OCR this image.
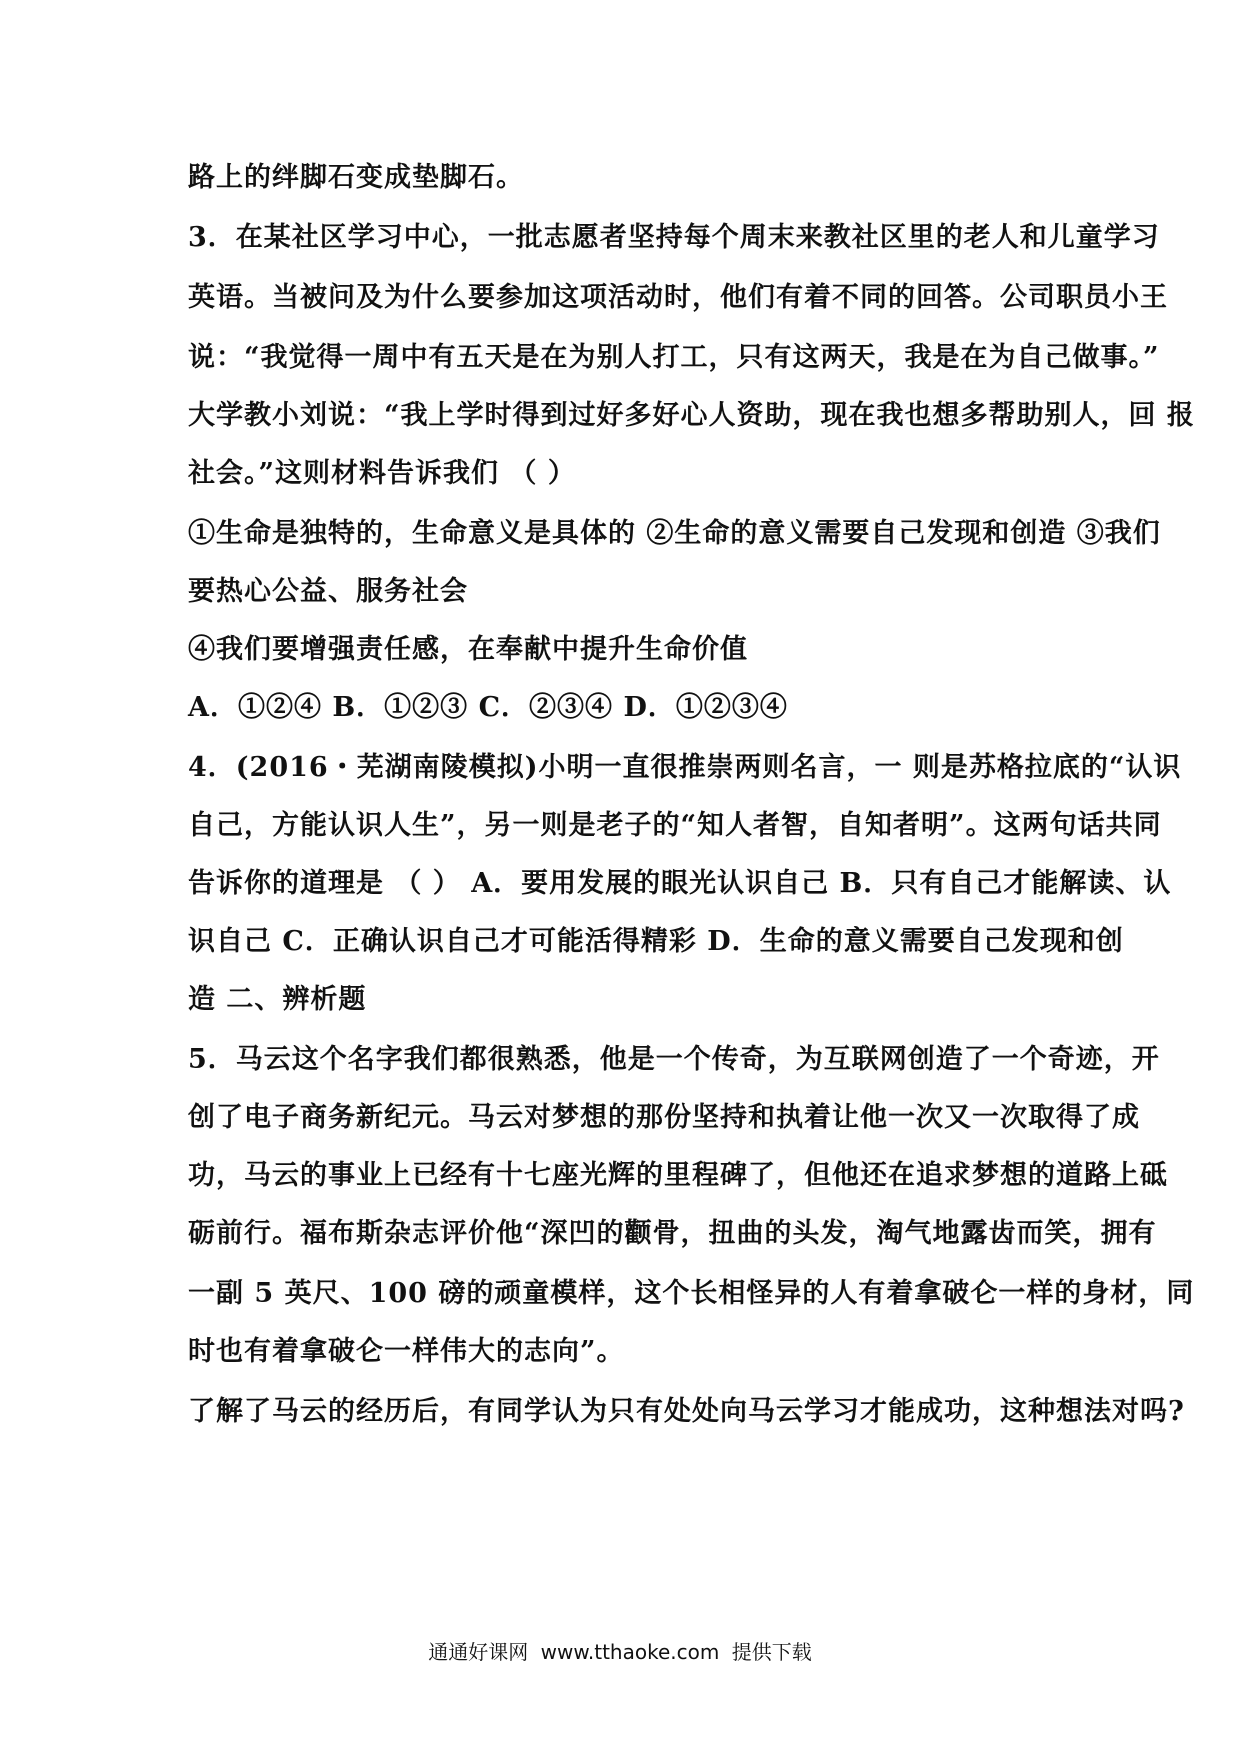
路上的绊脚石变成垫脚石。
3．在某社区学习中心，一批志愿者坚持每个周末来教社区里的老人和儿童学习
英语。当被问及为什么要参加这项活动时，他们有着不同的回答。公司职员小王
说：“我觉得一周中有五天是在为别人打工，只有这两天，我是在为自己做事。”
大学教小刘说：“我上学时得到过好多好心人资助，现在我也想多帮助别人，回 报
社会。”这则材料告诉我们 （ ）
①生命是独特的，生命意义是具体的 ②生命的意义需要自己发现和创造 ③我们
要热心公益、服务社会
④我们要增强责任感，在奉献中提升生命价值
A．①②④ B．①②③ C．②③④ D．①②③④
4．(2016・芜湖南陵模拟)小明一直很推崇两则名言，一 则是苏格拉底的“认识
自己，方能认识人生”，另一则是老子的“知人者智，自知者明”。这两句话共同
告诉你的道理是 （ ） A．要用发展的眼光认识自己 B．只有自己才能解读、认
识自己 C．正确认识自己才可能活得精彩 D．生命的意义需要自己发现和创
造 二、辨析题
5．马云这个名字我们都很熟悉，他是一个传奇，为互联网创造了一个奇迹，开
创了电子商务新纪元。马云对梦想的那份坚持和执着让他一次又一次取得了成
功，马云的事业上已经有十七座光辉的里程碑了，但他还在追求梦想的道路上砥
砺前行。福布斯杂志评价他“深凹的颧骨，扭曲的头发，淘气地露齿而笑，拥有
一副 5 英尺、100 磅的顽童模样，这个长相怪异的人有着拿破仑一样的身材，同
时也有着拿破仑一样伟大的志向”。
了解了马云的经历后，有同学认为只有处处向马云学习才能成功，这种想法对吗?
通通好课网 www.tthaoke.com 提供下载
